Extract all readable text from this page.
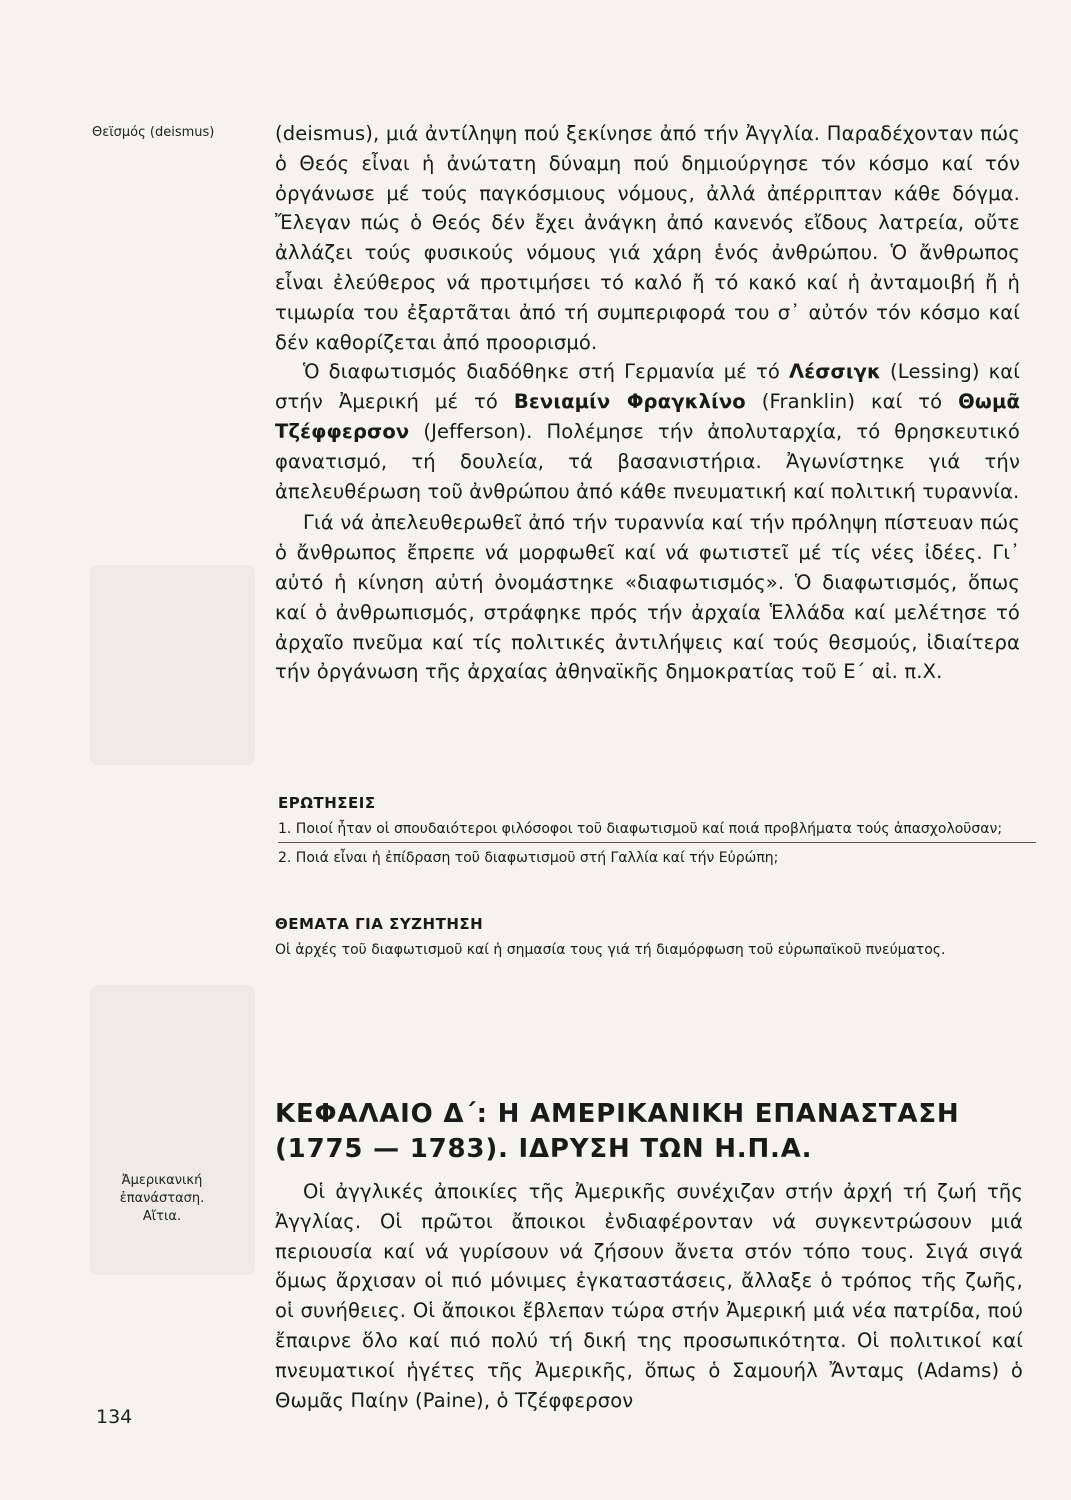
Θεϊσμός (deismus)
Ἀμερικανική ἐπανάσταση. Αἴτια.
134

(deismus), μιά ἀντίληψη πού ξεκίνησε ἀπό τήν Ἀγγλία. Παραδέχονταν πώς ὁ Θεός εἶναι ἡ ἀνώτατη δύναμη πού δημιούργησε τόν κόσμο καί τόν ὀργάνωσε μέ τούς παγκόσμιους νόμους, ἀλλά ἀπέρριπταν κάθε δόγμα. Ἔλεγαν πώς ὁ Θεός δέν ἔχει ἀνάγκη ἀπό κανενός εἴδους λατρεία, οὔτε ἀλλάζει τούς φυσικούς νόμους γιά χάρη ἑνός ἀνθρώπου. Ὁ ἄνθρωπος εἶναι ἐλεύθερος νά προτιμήσει τό καλό ἤ τό κακό καί ἡ ἀνταμοιβή ἤ ἡ τιμωρία του ἐξαρτᾶται ἀπό τή συμπεριφορά του σ᾿ αὐτόν τόν κόσμο καί δέν καθορίζεται ἀπό προορισμό.

Ὁ διαφωτισμός διαδόθηκε στή Γερμανία μέ τό Λέσσιγκ (Lessing) καί στήν Ἀμερική μέ τό Βενιαμίν Φραγκλίνο (Franklin) καί τό Θωμᾶ Τζέφφερσον (Jefferson). Πολέμησε τήν ἀπολυταρχία, τό θρησκευτικό φανατισμό, τή δουλεία, τά βασανιστήρια. Ἀγωνίστηκε γιά τήν ἀπελευθέρωση τοῦ ἀνθρώπου ἀπό κάθε πνευματική καί πολιτική τυραννία.

Γιά νά ἀπελευθερωθεῖ ἀπό τήν τυραννία καί τήν πρόληψη πίστευαν πώς ὁ ἄνθρωπος ἔπρεπε νά μορφωθεῖ καί νά φωτιστεῖ μέ τίς νέες ἰδέες. Γι᾿ αὐτό ἡ κίνηση αὐτή ὀνομάστηκε «διαφωτισμός». Ὁ διαφωτισμός, ὅπως καί ὁ ἀνθρωπισμός, στράφηκε πρός τήν ἀρχαία Ἑλλάδα καί μελέτησε τό ἀρχαῖο πνεῦμα καί τίς πολιτικές ἀντιλήψεις καί τούς θεσμούς, ἰδιαίτερα τήν ὀργάνωση τῆς ἀρχαίας ἀθηναϊκῆς δημοκρατίας τοῦ Ε΄ αἰ. π.Χ.

ΕΡΩΤΗΣΕΙΣ

1. Ποιοί ἦταν οἱ σπουδαιότεροι φιλόσοφοι τοῦ διαφωτισμοῦ καί ποιά προβλήματα τούς ἀπασχολοῦσαν;

2. Ποιά εἶναι ἡ ἐπίδραση τοῦ διαφωτισμοῦ στή Γαλλία καί τήν Εὐρώπη;

ΘΕΜΑΤΑ ΓΙΑ ΣΥΖΗΤΗΣΗ

Οἱ ἀρχές τοῦ διαφωτισμοῦ καί ἡ σημασία τους γιά τή διαμόρφωση τοῦ εὐρωπαϊκοῦ πνεύματος.

ΚΕΦΑΛΑΙΟ Δ΄: Η ΑΜΕΡΙΚΑΝΙΚΗ ΕΠΑΝΑΣΤΑΣΗ
(1775 — 1783). ΙΔΡΥΣΗ ΤΩΝ Η.Π.Α.

Οἱ ἀγγλικές ἀποικίες τῆς Ἀμερικῆς συνέχιζαν στήν ἀρχή τή ζωή τῆς Ἀγγλίας. Οἱ πρῶτοι ἄποικοι ἐνδιαφέρονταν νά συγκεντρώσουν μιά περιουσία καί νά γυρίσουν νά ζήσουν ἄνετα στόν τόπο τους. Σιγά σιγά ὅμως ἄρχισαν οἱ πιό μόνιμες ἐγκαταστάσεις, ἄλλαξε ὁ τρόπος τῆς ζωῆς, οἱ συνήθειες. Οἱ ἄποικοι ἔβλεπαν τώρα στήν Ἀμερική μιά νέα πατρίδα, πού ἔπαιρνε ὅλο καί πιό πολύ τή δική της προσωπικότητα. Οἱ πολιτικοί καί πνευματικοί ἡγέτες τῆς Ἀμερικῆς, ὅπως ὁ Σαμουήλ Ἄνταμς (Adams) ὁ Θωμᾶς Παίην (Paine), ὁ Τζέφφερσον
